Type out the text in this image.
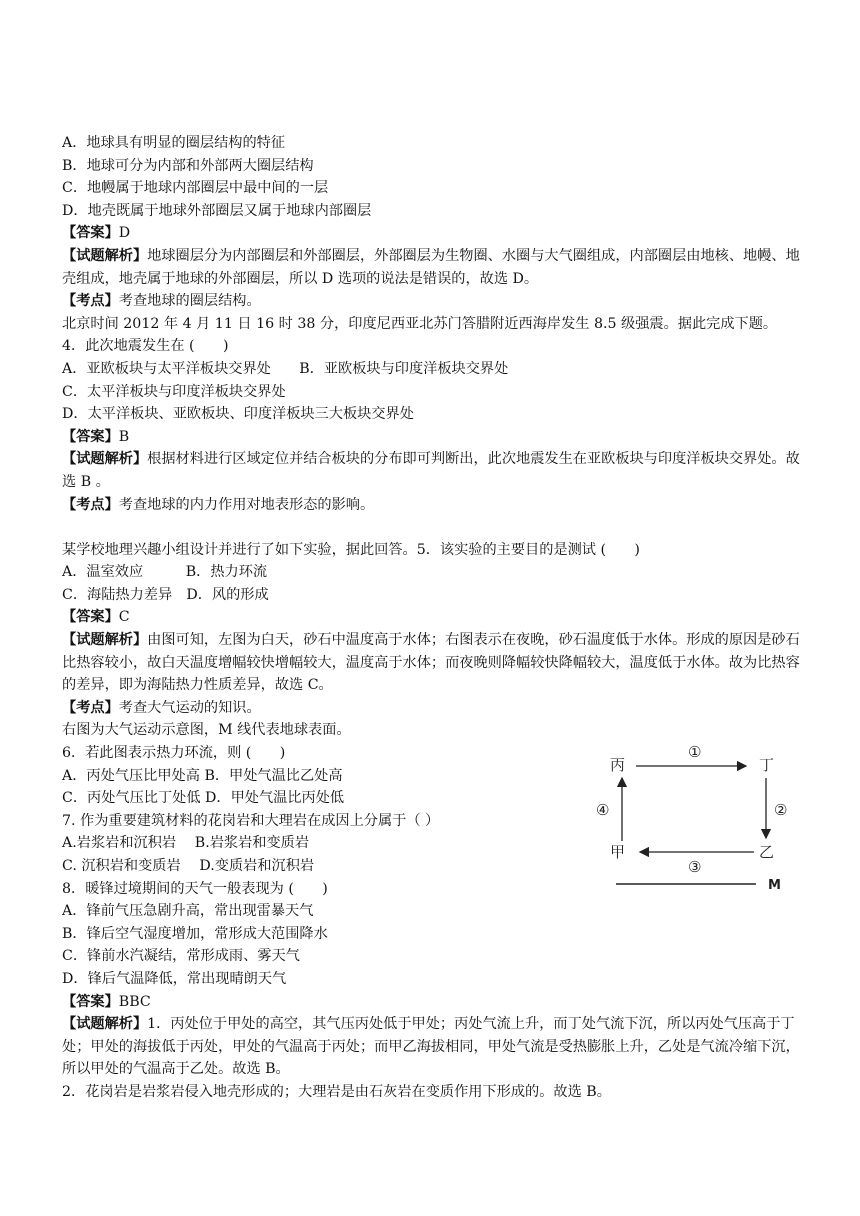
A．地球具有明显的圈层结构的特征
B．地球可分为内部和外部两大圈层结构
C．地幔属于地球内部圈层中最中间的一层
D．地壳既属于地球外部圈层又属于地球内部圈层
【答案】D
【试题解析】地球圈层分为内部圈层和外部圈层，外部圈层为生物圈、水圈与大气圈组成，内部圈层由地核、地幔、地壳组成，地壳属于地球的外部圈层，所以 D 选项的说法是错误的，故选 D。
【考点】考查地球的圈层结构。
北京时间 2012 年 4 月 11 日 16 时 38 分，印度尼西亚北苏门答腊附近西海岸发生 8.5 级强震。据此完成下题。
4．此次地震发生在 (　　)
A．亚欧板块与太平洋板块交界处　　B．亚欧板块与印度洋板块交界处
C．太平洋板块与印度洋板块交界处
D．太平洋板块、亚欧板块、印度洋板块三大板块交界处
【答案】B
【试题解析】根据材料进行区域定位并结合板块的分布即可判断出，此次地震发生在亚欧板块与印度洋板块交界处。故选 B 。
【考点】考查地球的内力作用对地表形态的影响。
某学校地理兴趣小组设计并进行了如下实验，据此回答。5．该实验的主要目的是测试 (　　)
A．温室效应　　　B．热力环流
C．海陆热力差异　D．风的形成
【答案】C
【试题解析】由图可知，左图为白天，砂石中温度高于水体；右图表示在夜晚，砂石温度低于水体。形成的原因是砂石比热容较小，故白天温度增幅较快增幅较大，温度高于水体；而夜晚则降幅较快降幅较大，温度低于水体。故为比热容的差异，即为海陆热力性质差异，故选 C。
【考点】考查大气运动的知识。
右图为大气运动示意图，M 线代表地球表面。
6．若此图表示热力环流，则 (　　)
A．丙处气压比甲处高 B．甲处气温比乙处高
C．丙处气压比丁处低 D．甲处气温比丙处低
7. 作为重要建筑材料的花岗岩和大理岩在成因上分属于（ ）
A.岩浆岩和沉积岩　 B.岩浆岩和变质岩
C. 沉积岩和变质岩　 D.变质岩和沉积岩
8．暖锋过境期间的天气一般表现为 (　　)
A．锋前气压急剧升高，常出现雷暴天气
B．锋后空气湿度增加，常形成大范围降水
C．锋前水汽凝结，常形成雨、雾天气
D．锋后气温降低，常出现晴朗天气
【答案】BBC
【试题解析】1．丙处位于甲处的高空，其气压丙处低于甲处；丙处气流上升，而丁处气流下沉，所以丙处气压高于丁处；甲处的海拔低于丙处，甲处的气温高于丙处；而甲乙海拔相同，甲处气流是受热膨胀上升，乙处是气流冷缩下沉，所以甲处的气温高于乙处。故选 B。
2．花岗岩是岩浆岩侵入地壳形成的；大理岩是由石灰岩在变质作用下形成的。故选 B。
丙	丁
甲	乙
M
①
②
③
④
